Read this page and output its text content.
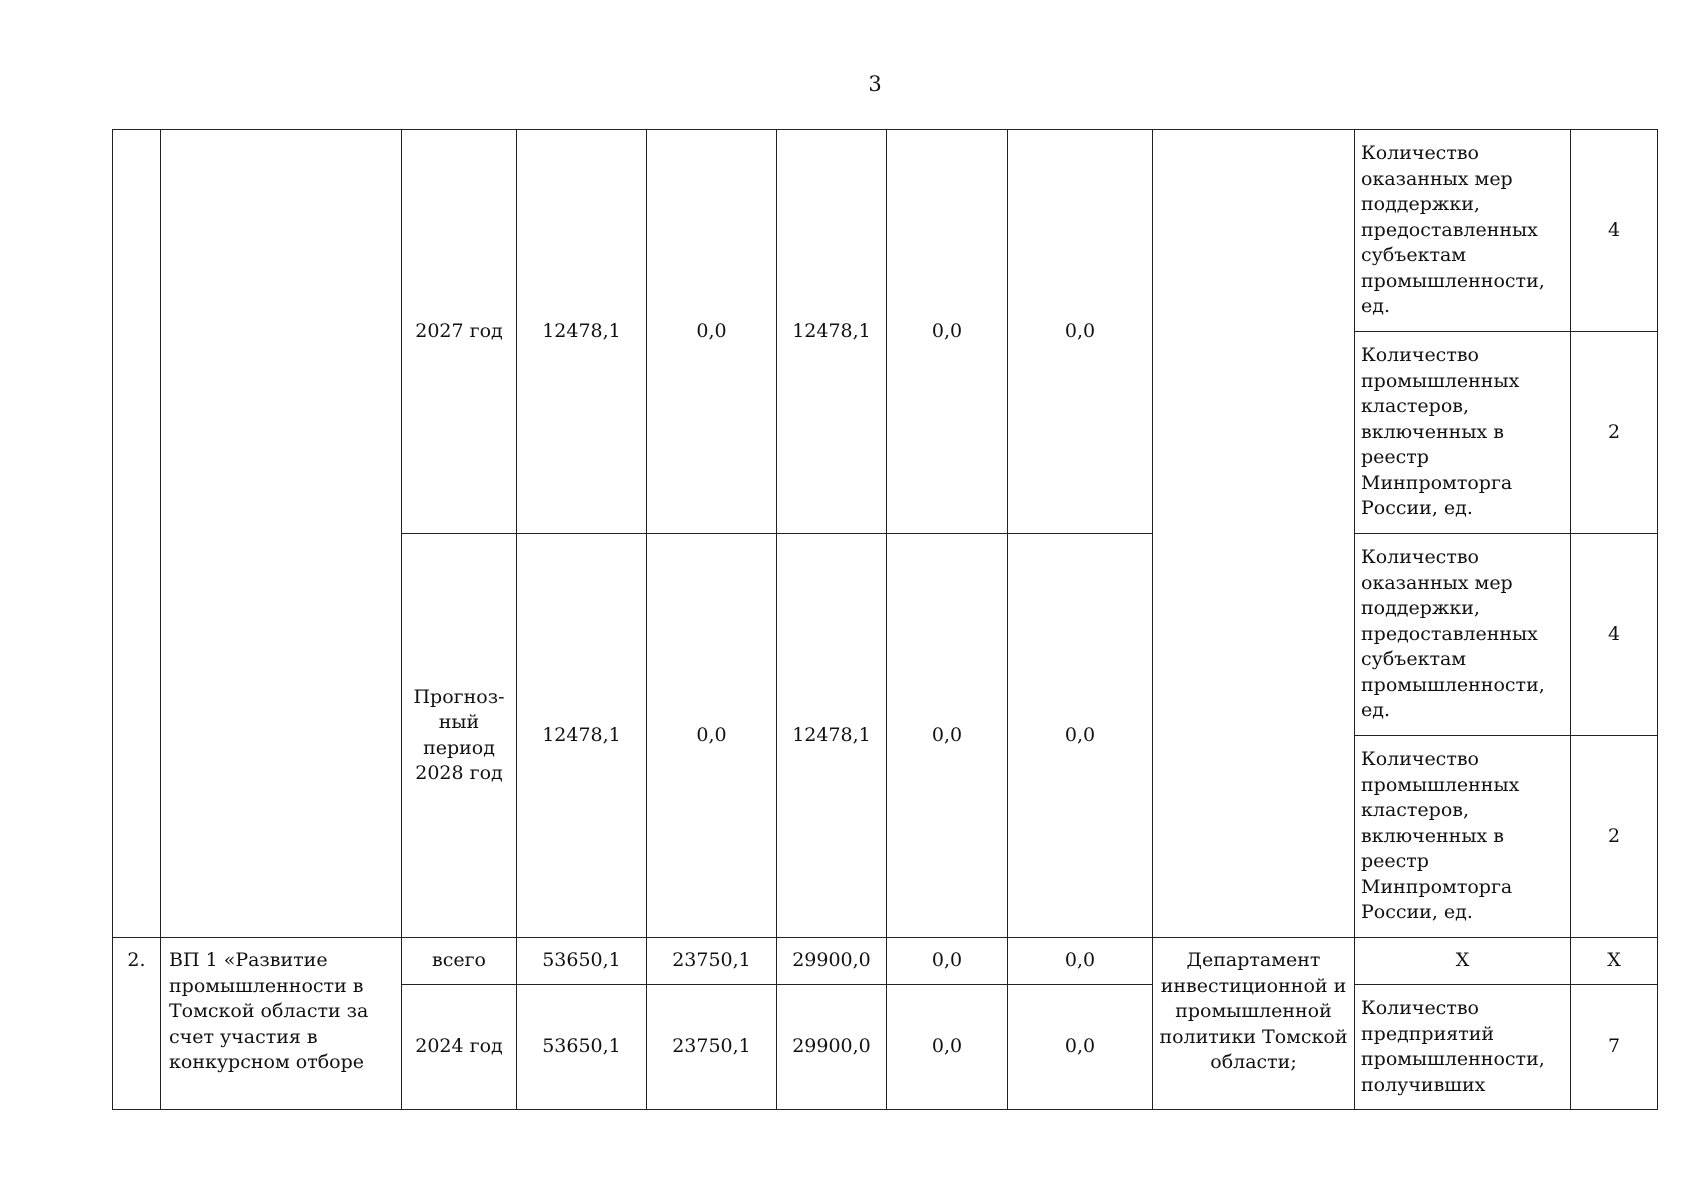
3
		2027 год	12478,1	0,0	12478,1	0,0	0,0		Количество оказанных мер поддержки, предоставленных субъектам промышленности, ед.	4
									Количество промышленных кластеров, включенных в реестр Минпромторга России, ед.	2
		Прогноз-ный период 2028 год	12478,1	0,0	12478,1	0,0	0,0		Количество оказанных мер поддержки, предоставленных субъектам промышленности, ед.	4
									Количество промышленных кластеров, включенных в реестр Минпромторга России, ед.	2
2.	ВП 1 «Развитие промышленности в Томской области за счет участия в конкурсном отборе	всего	53650,1	23750,1	29900,0	0,0	0,0	Департамент инвестиционной и промышленной политики Томской области;	Х	Х
		2024 год	53650,1	23750,1	29900,0	0,0	0,0		Количество предприятий промышленности, получивших	7
